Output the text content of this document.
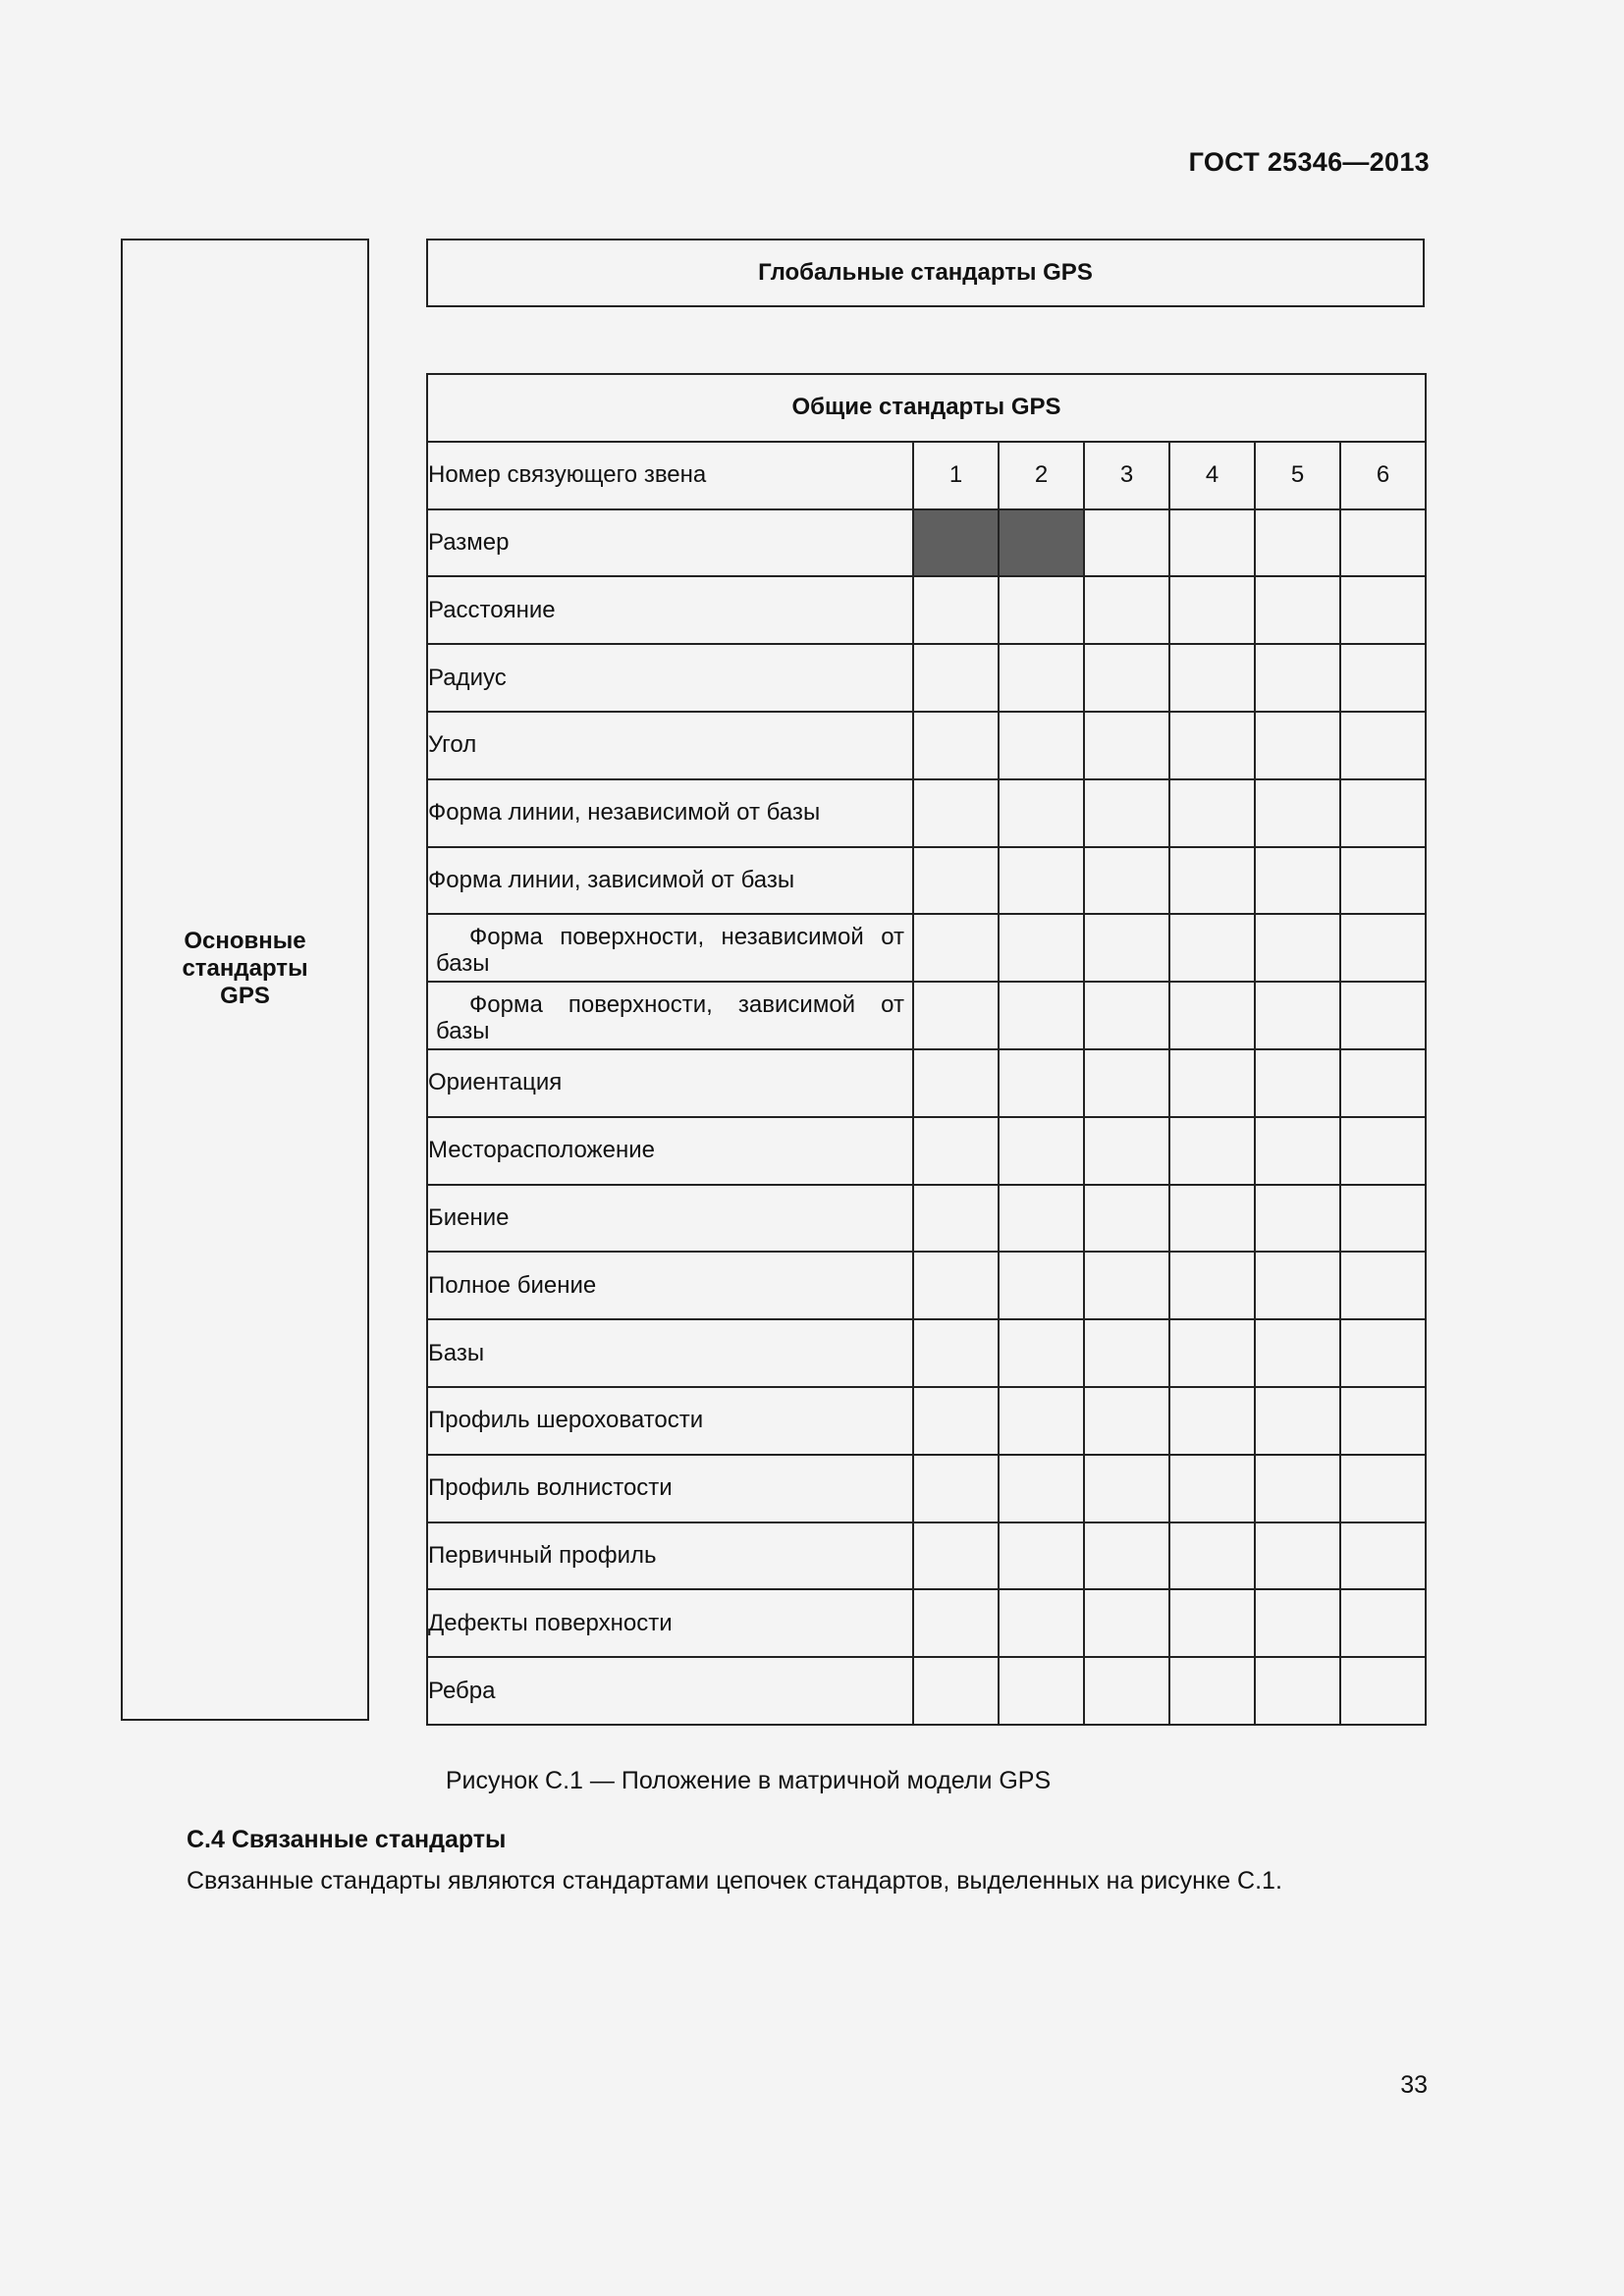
ГОСТ 25346—2013
Основные
стандарты
GPS
Глобальные стандарты GPS
Общие стандарты GPS						
Номер связующего звена	1	2	3	4	5	6
Размер						
Расстояние						
Радиус						
Угол						
Форма линии, независимой от базы						
Форма линии, зависимой от базы						
Форма поверхности, независимой от базы						
Форма поверхности, зависимой от базы						
Ориентация						
Месторасположение						
Биение						
Полное биение						
Базы						
Профиль шероховатости						
Профиль волнистости						
Первичный профиль						
Дефекты поверхности						
Ребра						
Рисунок С.1 — Положение в матричной модели GPS
С.4 Связанные стандарты
Связанные стандарты являются стандартами цепочек стандартов, выделенных на рисунке С.1.
33
